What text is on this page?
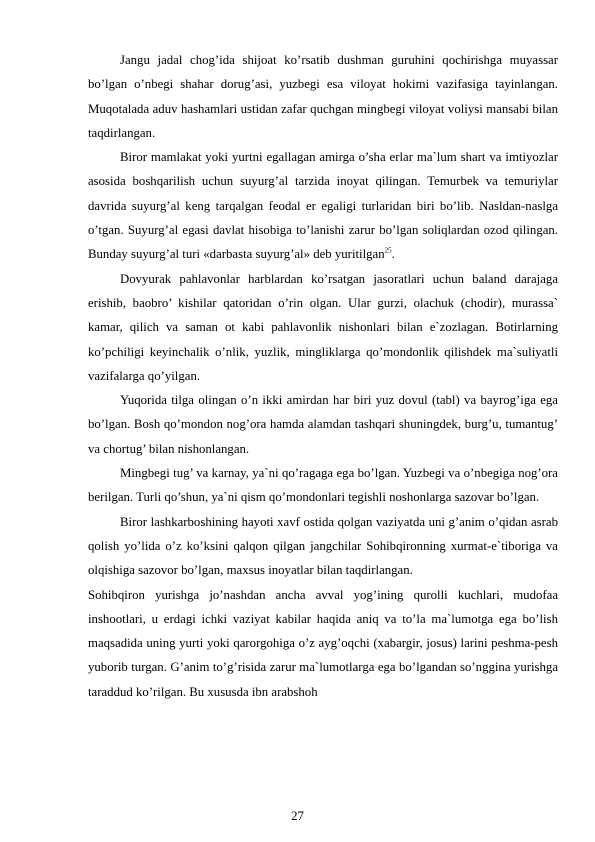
Jangu jadal chog’ida shijoat ko’rsatib dushman guruhini qochirishga muyassar bo’lgan o’nbegi shahar dorug’asi, yuzbegi esa viloyat hokimi vazifasiga tayinlangan. Muqotalada aduv hashamlari ustidan zafar quchgan mingbegi viloyat voliysi mansabi bilan taqdirlangan.

Biror mamlakat yoki yurtni egallagan amirga o’sha erlar ma`lum shart va imtiyozlar asosida boshqarilish uchun suyurg’al tarzida inoyat qilingan. Temurbek va temuriylar davrida suyurg’al keng tarqalgan feodal er egaligi turlaridan biri bo’lib. Nasldan-naslga o’tgan. Suyurg’al egasi davlat hisobiga to’lanishi zarur bo’lgan soliqlardan ozod qilingan. Bunday suyurg’al turi «darbasta suyurg’al» deb yuritilgan$^{25}$.

Dovyurak pahlavonlar harblardan ko’rsatgan jasoratlari uchun baland darajaga erishib, baobro’ kishilar qatoridan o’rin olgan. Ular gurzi, olachuk (chodir), murassa` kamar, qilich va saman ot kabi pahlavonlik nishonlari bilan e`zozlagan. Botirlarning ko’pchiligi keyinchalik o’nlik, yuzlik, mingliklarga qo’mondonlik qilishdek ma`suliyatli vazifalarga qo’yilgan.

Yuqorida tilga olingan o’n ikki amirdan har biri yuz dovul (tabl) va bayrog’iga ega bo’lgan. Bosh qo’mondon nog’ora hamda alamdan tashqari shuningdek, burg’u, tumantug’ va chortug’ bilan nishonlangan.

Mingbegi tug’ va karnay, ya`ni qo’ragaga ega bo’lgan. Yuzbegi va o’nbegiga nog’ora berilgan. Turli qo’shun, ya`ni qism qo’mondonlari tegishli noshonlarga sazovar bo’lgan.

Biror lashkarboshining hayoti xavf ostida qolgan vaziyatda uni g’anim o’qidan asrab qolish yo’lida o’z ko’ksini qalqon qilgan jangchilar Sohibqironning xurmat-e`tiboriga va olqishiga sazovor bo’lgan, maxsus inoyatlar bilan taqdirlangan.

Sohibqiron yurishga jo’nashdan ancha avval yog’ining qurolli kuchlari, mudofaa inshootlari, u erdagi ichki vaziyat kabilar haqida aniq va to’la ma`lumotga ega bo’lish maqsadida uning yurti yoki qarorgohiga o’z ayg’oqchi (xabargir, josus) larini peshma-pesh yuborib turgan. G’anim to’g’risida zarur ma`lumotlarga ega bo’lgandan so’nggina yurishga taraddud ko’rilgan. Bu xususda ibn arabshoh

27
